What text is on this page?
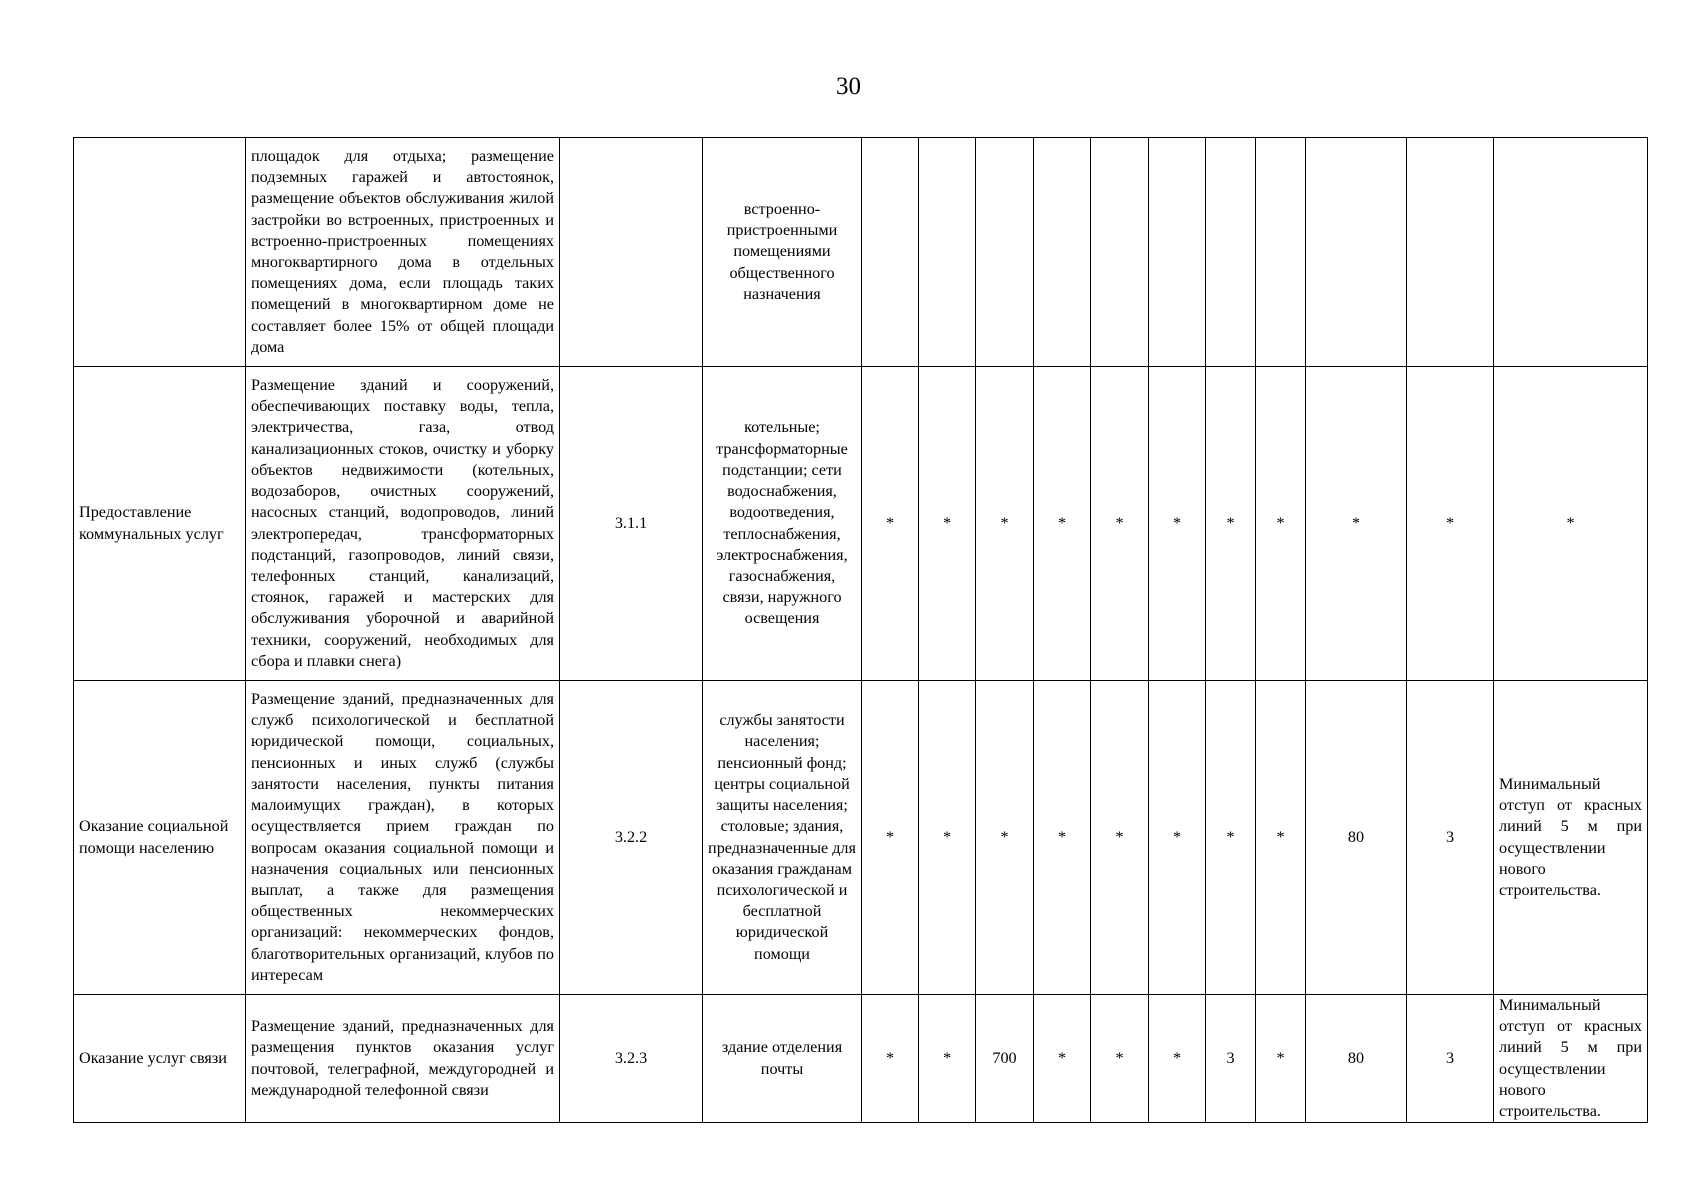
30
	площадок для отдыха; размещение подземных гаражей и автостоянок, размещение объектов обслуживания жилой застройки во встроенных, пристроенных и встроенно-пристроенных помещениях многоквартирного дома в отдельных помещениях дома, если площадь таких помещений в многоквартирном доме не составляет более 15% от общей площади дома		встроенно-пристроенными помещениями общественного назначения											
Предоставление коммунальных услуг	Размещение зданий и сооружений, обеспечивающих поставку воды, тепла, электричества, газа, отвод канализационных стоков, очистку и уборку объектов недвижимости (котельных, водозаборов, очистных сооружений, насосных станций, водопроводов, линий электропередач, трансформаторных подстанций, газопроводов, линий связи, телефонных станций, канализаций, стоянок, гаражей и мастерских для обслуживания уборочной и аварийной техники, сооружений, необходимых для сбора и плавки снега)	3.1.1	котельные; трансформаторные подстанции; сети водоснабжения, водоотведения, теплоснабжения, электроснабжения, газоснабжения, связи, наружного освещения	*	*	*	*	*	*	*	*	*	*	*
Оказание социальной помощи населению	Размещение зданий, предназначенных для служб психологической и бесплатной юридической помощи, социальных, пенсионных и иных служб (службы занятости населения, пункты питания малоимущих граждан), в которых осуществляется прием граждан по вопросам оказания социальной помощи и назначения социальных или пенсионных выплат, а также для размещения общественных некоммерческих организаций: некоммерческих фондов, благотворительных организаций, клубов по интересам	3.2.2	службы занятости населения; пенсионный фонд; центры социальной защиты населения; столовые; здания, предназначенные для оказания гражданам психологической и бесплатной юридической помощи	*	*	*	*	*	*	*	*	80	3	Минимальный отступ от красных линий 5 м при осуществлении нового строительства.
Оказание услуг связи	Размещение зданий, предназначенных для размещения пунктов оказания услуг почтовой, телеграфной, междугородней и международной телефонной связи	3.2.3	здание отделения почты	*	*	700	*	*	*	3	*	80	3	Минимальный отступ от красных линий 5 м при осуществлении нового строительства.
